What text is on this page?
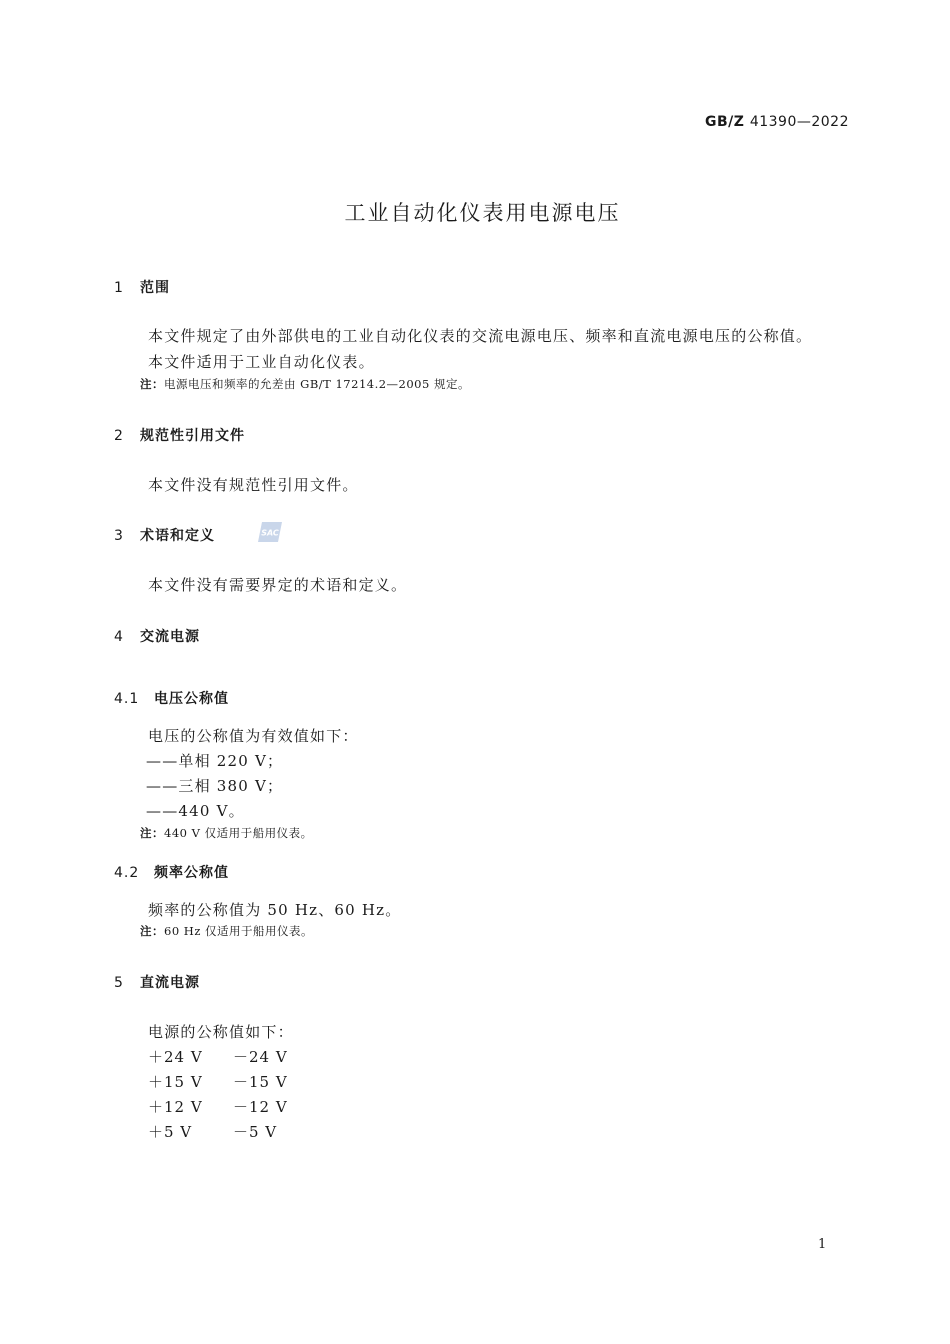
GB/Z 41390—2022
工业自动化仪表用电源电压
1 范围
本文件规定了由外部供电的工业自动化仪表的交流电源电压、频率和直流电源电压的公称值。
本文件适用于工业自动化仪表。
注：电源电压和频率的允差由 GB/T 17214.2—2005 规定。
2 规范性引用文件
本文件没有规范性引用文件。
3 术语和定义	SAC
本文件没有需要界定的术语和定义。
4 交流电源
4.1 电压公称值
电压的公称值为有效值如下：
——单相 220 V；
——三相 380 V；
——440 V。
注：440 V 仅适用于船用仪表。
4.2 频率公称值
频率的公称值为 50 Hz、60 Hz。
注：60 Hz 仅适用于船用仪表。
5 直流电源
电源的公称值如下：
＋24 V －24 V
＋15 V －15 V
＋12 V －12 V
＋5 V	－5 V
1
